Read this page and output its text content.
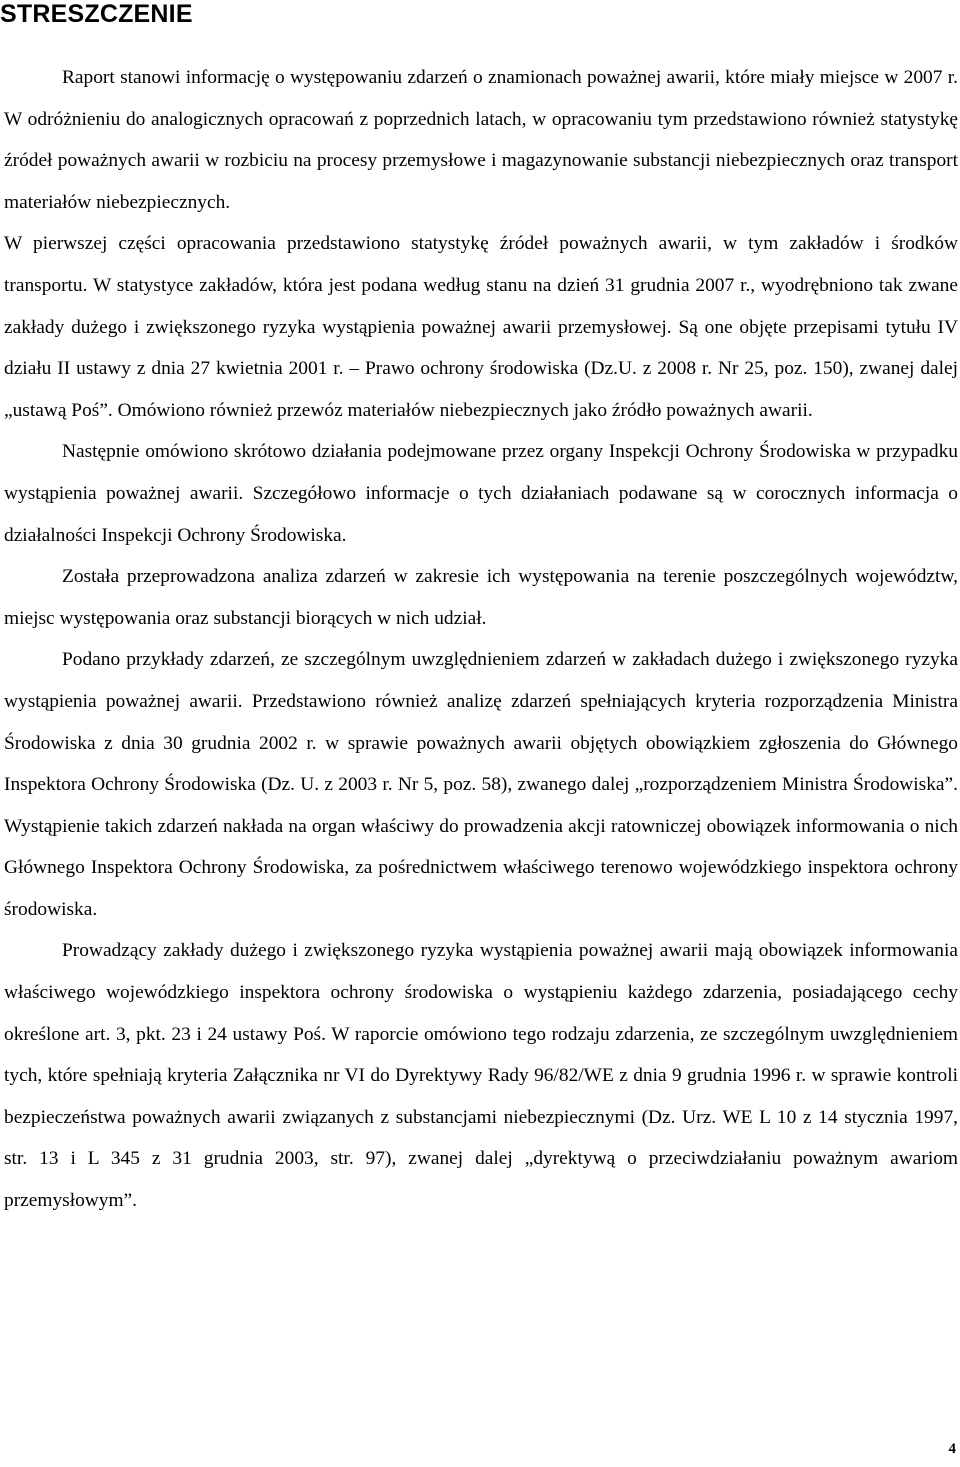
STRESZCZENIE

Raport stanowi informację o występowaniu zdarzeń o znamionach poważnej awarii, które miały miejsce w 2007 r. W odróżnieniu do analogicznych opracowań z poprzednich latach, w opracowaniu tym przedstawiono również statystykę źródeł poważnych awarii w rozbiciu na procesy przemysłowe i magazynowanie substancji niebezpiecznych oraz transport materiałów niebezpiecznych.

W pierwszej części opracowania przedstawiono statystykę źródeł poważnych awarii, w tym zakładów i środków transportu. W statystyce zakładów, która jest podana według stanu na dzień 31 grudnia 2007 r., wyodrębniono tak zwane zakłady dużego i zwiększonego ryzyka wystąpienia poważnej awarii przemysłowej. Są one objęte przepisami tytułu IV działu II ustawy z dnia 27 kwietnia 2001 r. – Prawo ochrony środowiska (Dz.U. z 2008 r. Nr 25, poz. 150), zwanej dalej „ustawą Poś”. Omówiono również przewóz materiałów niebezpiecznych jako źródło poważnych awarii.

Następnie omówiono skrótowo działania podejmowane przez organy Inspekcji Ochrony Środowiska w przypadku wystąpienia poważnej awarii. Szczegółowo informacje o tych działaniach podawane są w corocznych informacja o działalności Inspekcji Ochrony Środowiska.

Została przeprowadzona analiza zdarzeń w zakresie ich występowania na terenie poszczególnych województw, miejsc występowania oraz substancji biorących w nich udział.

Podano przykłady zdarzeń, ze szczególnym uwzględnieniem zdarzeń w zakładach dużego i zwiększonego ryzyka wystąpienia poważnej awarii. Przedstawiono również analizę zdarzeń spełniających kryteria rozporządzenia Ministra Środowiska z dnia 30 grudnia 2002 r. w sprawie poważnych awarii objętych obowiązkiem zgłoszenia do Głównego Inspektora Ochrony Środowiska (Dz. U. z 2003 r. Nr 5, poz. 58), zwanego dalej „rozporządzeniem Ministra Środowiska”. Wystąpienie takich zdarzeń nakłada na organ właściwy do prowadzenia akcji ratowniczej obowiązek informowania o nich Głównego Inspektora Ochrony Środowiska, za pośrednictwem właściwego terenowo wojewódzkiego inspektora ochrony środowiska.

Prowadzący zakłady dużego i zwiększonego ryzyka wystąpienia poważnej awarii mają obowiązek informowania właściwego wojewódzkiego inspektora ochrony środowiska o wystąpieniu każdego zdarzenia, posiadającego cechy określone art. 3, pkt. 23 i 24 ustawy Poś. W raporcie omówiono tego rodzaju zdarzenia, ze szczególnym uwzględnieniem tych, które spełniają kryteria Załącznika nr VI do Dyrektywy Rady 96/82/WE z dnia 9 grudnia 1996 r. w sprawie kontroli bezpieczeństwa poważnych awarii związanych z substancjami niebezpiecznymi (Dz. Urz. WE L 10 z 14 stycznia 1997, str. 13 i L 345 z 31 grudnia 2003, str. 97), zwanej dalej „dyrektywą o przeciwdziałaniu poważnym awariom przemysłowym”.

4
